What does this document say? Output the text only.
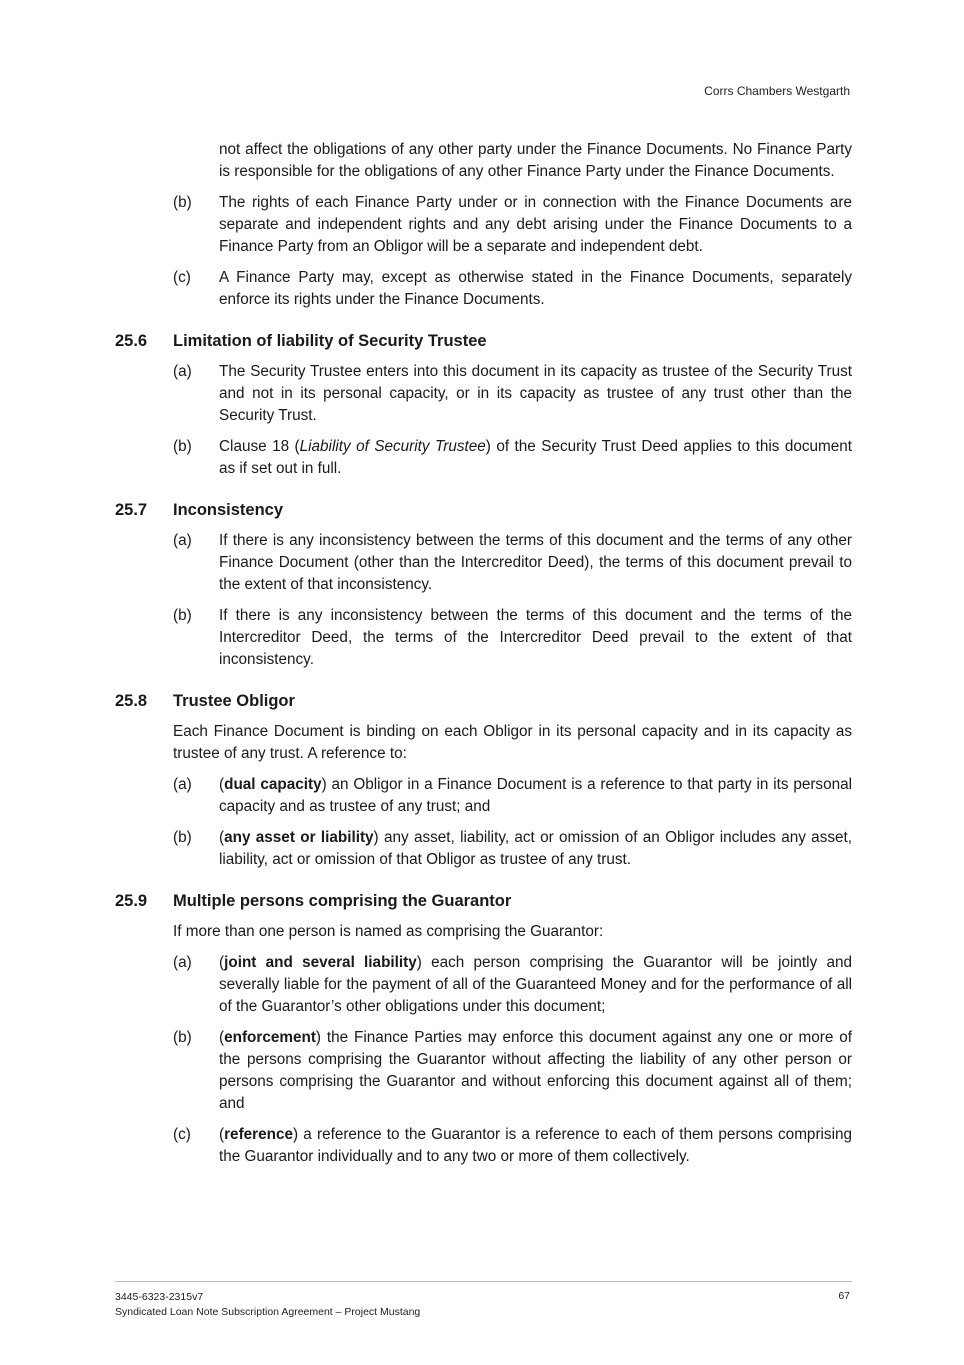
Corrs Chambers Westgarth

not affect the obligations of any other party under the Finance Documents. No Finance Party is responsible for the obligations of any other Finance Party under the Finance Documents.

(b)	The rights of each Finance Party under or in connection with the Finance Documents are separate and independent rights and any debt arising under the Finance Documents to a Finance Party from an Obligor will be a separate and independent debt.
(c)	A Finance Party may, except as otherwise stated in the Finance Documents, separately enforce its rights under the Finance Documents.
25.6	Limitation of liability of Security Trustee
(a)	The Security Trustee enters into this document in its capacity as trustee of the Security Trust and not in its personal capacity, or in its capacity as trustee of any trust other than the Security Trust.
(b)	Clause 18 (Liability of Security Trustee) of the Security Trust Deed applies to this document as if set out in full.
25.7	Inconsistency
(a)	If there is any inconsistency between the terms of this document and the terms of any other Finance Document (other than the Intercreditor Deed), the terms of this document prevail to the extent of that inconsistency.
(b)	If there is any inconsistency between the terms of this document and the terms of the Intercreditor Deed, the terms of the Intercreditor Deed prevail to the extent of that inconsistency.
25.8	Trustee Obligor

Each Finance Document is binding on each Obligor in its personal capacity and in its capacity as trustee of any trust. A reference to:

(a)	(dual capacity) an Obligor in a Finance Document is a reference to that party in its personal capacity and as trustee of any trust; and
(b)	(any asset or liability) any asset, liability, act or omission of an Obligor includes any asset, liability, act or omission of that Obligor as trustee of any trust.
25.9	Multiple persons comprising the Guarantor

If more than one person is named as comprising the Guarantor:

(a)	(joint and several liability) each person comprising the Guarantor will be jointly and severally liable for the payment of all of the Guaranteed Money and for the performance of all of the Guarantor’s other obligations under this document;
(b)	(enforcement) the Finance Parties may enforce this document against any one or more of the persons comprising the Guarantor without affecting the liability of any other person or persons comprising the Guarantor and without enforcing this document against all of them; and
(c)	(reference) a reference to the Guarantor is a reference to each of them persons comprising the Guarantor individually and to any two or more of them collectively.
3445-6323-2315v7
Syndicated Loan Note Subscription Agreement – Project Mustang
67
